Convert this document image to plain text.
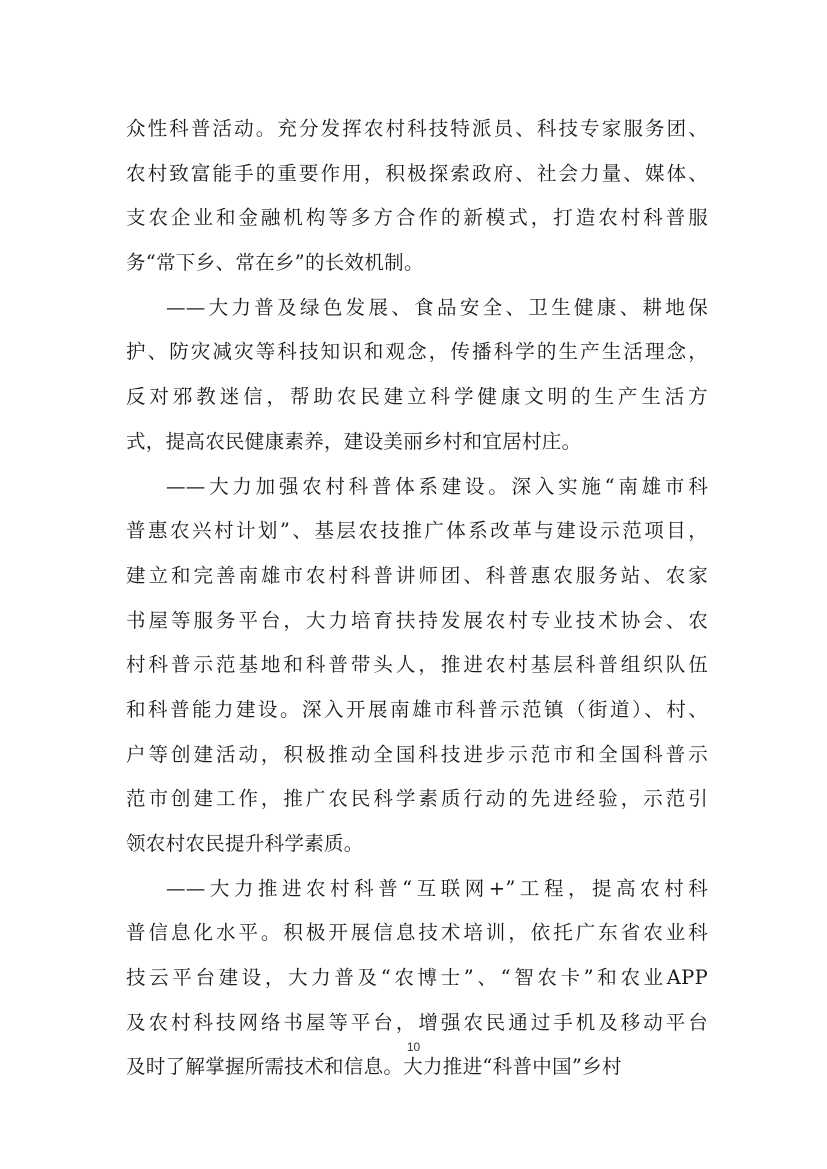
众性科普活动。充分发挥农村科技特派员、科技专家服务团、
农村致富能手的重要作用，积极探索政府、社会力量、媒体、
支农企业和金融机构等多方合作的新模式，打造农村科普服
务“常下乡、常在乡”的长效机制。
——大力普及绿色发展、食品安全、卫生健康、耕地保
护、防灾减灾等科技知识和观念，传播科学的生产生活理念，
反对邪教迷信，帮助农民建立科学健康文明的生产生活方
式，提高农民健康素养，建设美丽乡村和宜居村庄。
——大力加强农村科普体系建设。深入实施“南雄市科
普惠农兴村计划”、基层农技推广体系改革与建设示范项目，
建立和完善南雄市农村科普讲师团、科普惠农服务站、农家
书屋等服务平台，大力培育扶持发展农村专业技术协会、农
村科普示范基地和科普带头人，推进农村基层科普组织队伍
和科普能力建设。深入开展南雄市科普示范镇（街道）、村、
户等创建活动，积极推动全国科技进步示范市和全国科普示
范市创建工作，推广农民科学素质行动的先进经验，示范引
领农村农民提升科学素质。
——大力推进农村科普“互联网+”工程，提高农村科
普信息化水平。积极开展信息技术培训，依托广东省农业科
技云平台建设，大力普及“农博士”、“智农卡”和农业APP
及农村科技网络书屋等平台，增强农民通过手机及移动平台
及时了解掌握所需技术和信息。大力推进“科普中国”乡村
10
